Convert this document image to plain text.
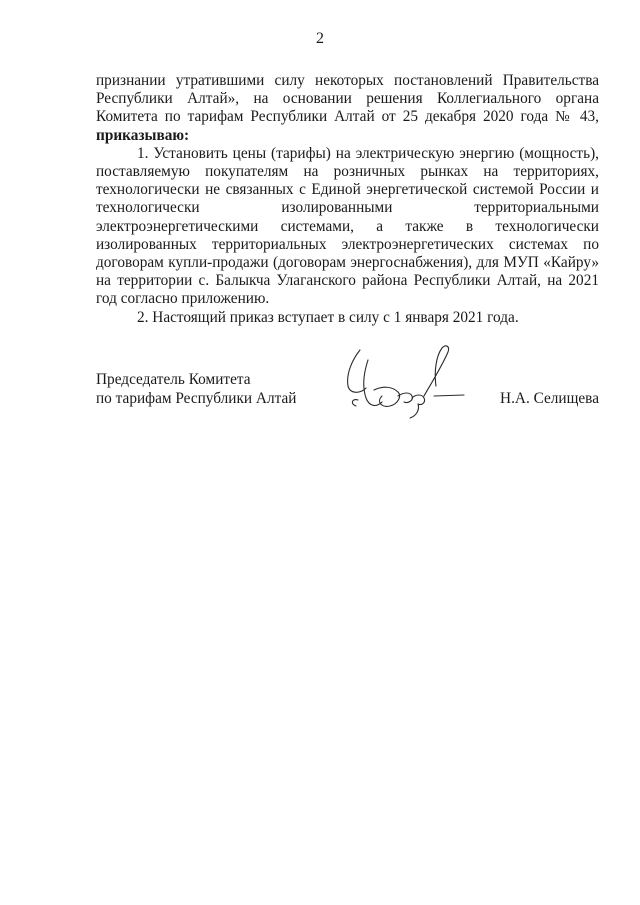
2

признании утратившими силу некоторых постановлений Правительства Республики Алтай», на основании решения Коллегиального органа Комитета по тарифам Республики Алтай от 25 декабря 2020 года № 43, приказываю:

1. Установить цены (тарифы) на электрическую энергию (мощность), поставляемую покупателям на розничных рынках на территориях, технологически не связанных с Единой энергетической системой России и технологически изолированными территориальными электроэнергетическими системами, а также в технологически изолированных территориальных электроэнергетических системах по договорам купли-продажи (договорам энергоснабжения), для МУП «Кайру» на территории с. Балыкча Улаганского района Республики Алтай, на 2021 год согласно приложению.

2. Настоящий приказ вступает в силу с 1 января 2021 года.

Председатель Комитета
по тарифам Республики Алтай	Н.А. Селищева
